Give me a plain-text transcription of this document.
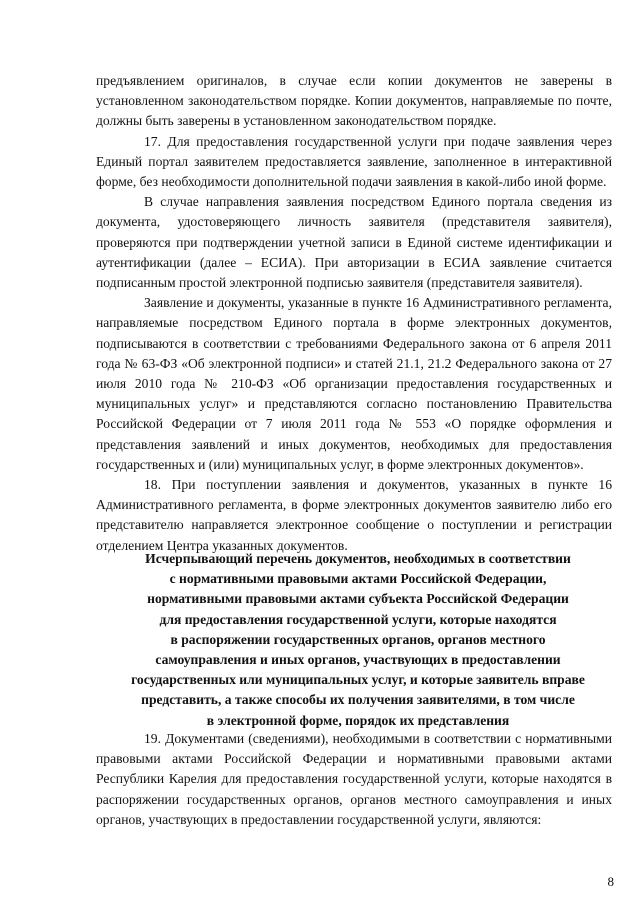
предъявлением оригиналов, в случае если копии документов не заверены в установленном законодательством порядке. Копии документов, направляемые по почте, должны быть заверены в установленном законодательством порядке.

17. Для предоставления государственной услуги при подаче заявления через Единый портал заявителем предоставляется заявление, заполненное в интерактивной форме, без необходимости дополнительной подачи заявления в какой-либо иной форме.

В случае направления заявления посредством Единого портала сведения из документа, удостоверяющего личность заявителя (представителя заявителя), проверяются при подтверждении учетной записи в Единой системе идентификации и аутентификации (далее – ЕСИА). При авторизации в ЕСИА заявление считается подписанным простой электронной подписью заявителя (представителя заявителя).

Заявление и документы, указанные в пункте 16 Административного регламента, направляемые посредством Единого портала в форме электронных документов, подписываются в соответствии с требованиями Федерального закона от 6 апреля 2011 года № 63-ФЗ «Об электронной подписи» и статей 21.1, 21.2 Федерального закона от 27 июля 2010 года № 210-ФЗ «Об организации предоставления государственных и муниципальных услуг» и представляются согласно постановлению Правительства Российской Федерации от 7 июля 2011 года № 553 «О порядке оформления и представления заявлений и иных документов, необходимых для предоставления государственных и (или) муниципальных услуг, в форме электронных документов».

18. При поступлении заявления и документов, указанных в пункте 16 Административного регламента, в форме электронных документов заявителю либо его представителю направляется электронное сообщение о поступлении и регистрации отделением Центра указанных документов.

Исчерпывающий перечень документов, необходимых в соответствии
с нормативными правовыми актами Российской Федерации,
нормативными правовыми актами субъекта Российской Федерации
для предоставления государственной услуги, которые находятся
в распоряжении государственных органов, органов местного
самоуправления и иных органов, участвующих в предоставлении
государственных или муниципальных услуг, и которые заявитель вправе
представить, а также способы их получения заявителями, в том числе
в электронной форме, порядок их представления

19. Документами (сведениями), необходимыми в соответствии с нормативными правовыми актами Российской Федерации и нормативными правовыми актами Республики Карелия для предоставления государственной услуги, которые находятся в распоряжении государственных органов, органов местного самоуправления и иных органов, участвующих в предоставлении государственной услуги, являются:

8
